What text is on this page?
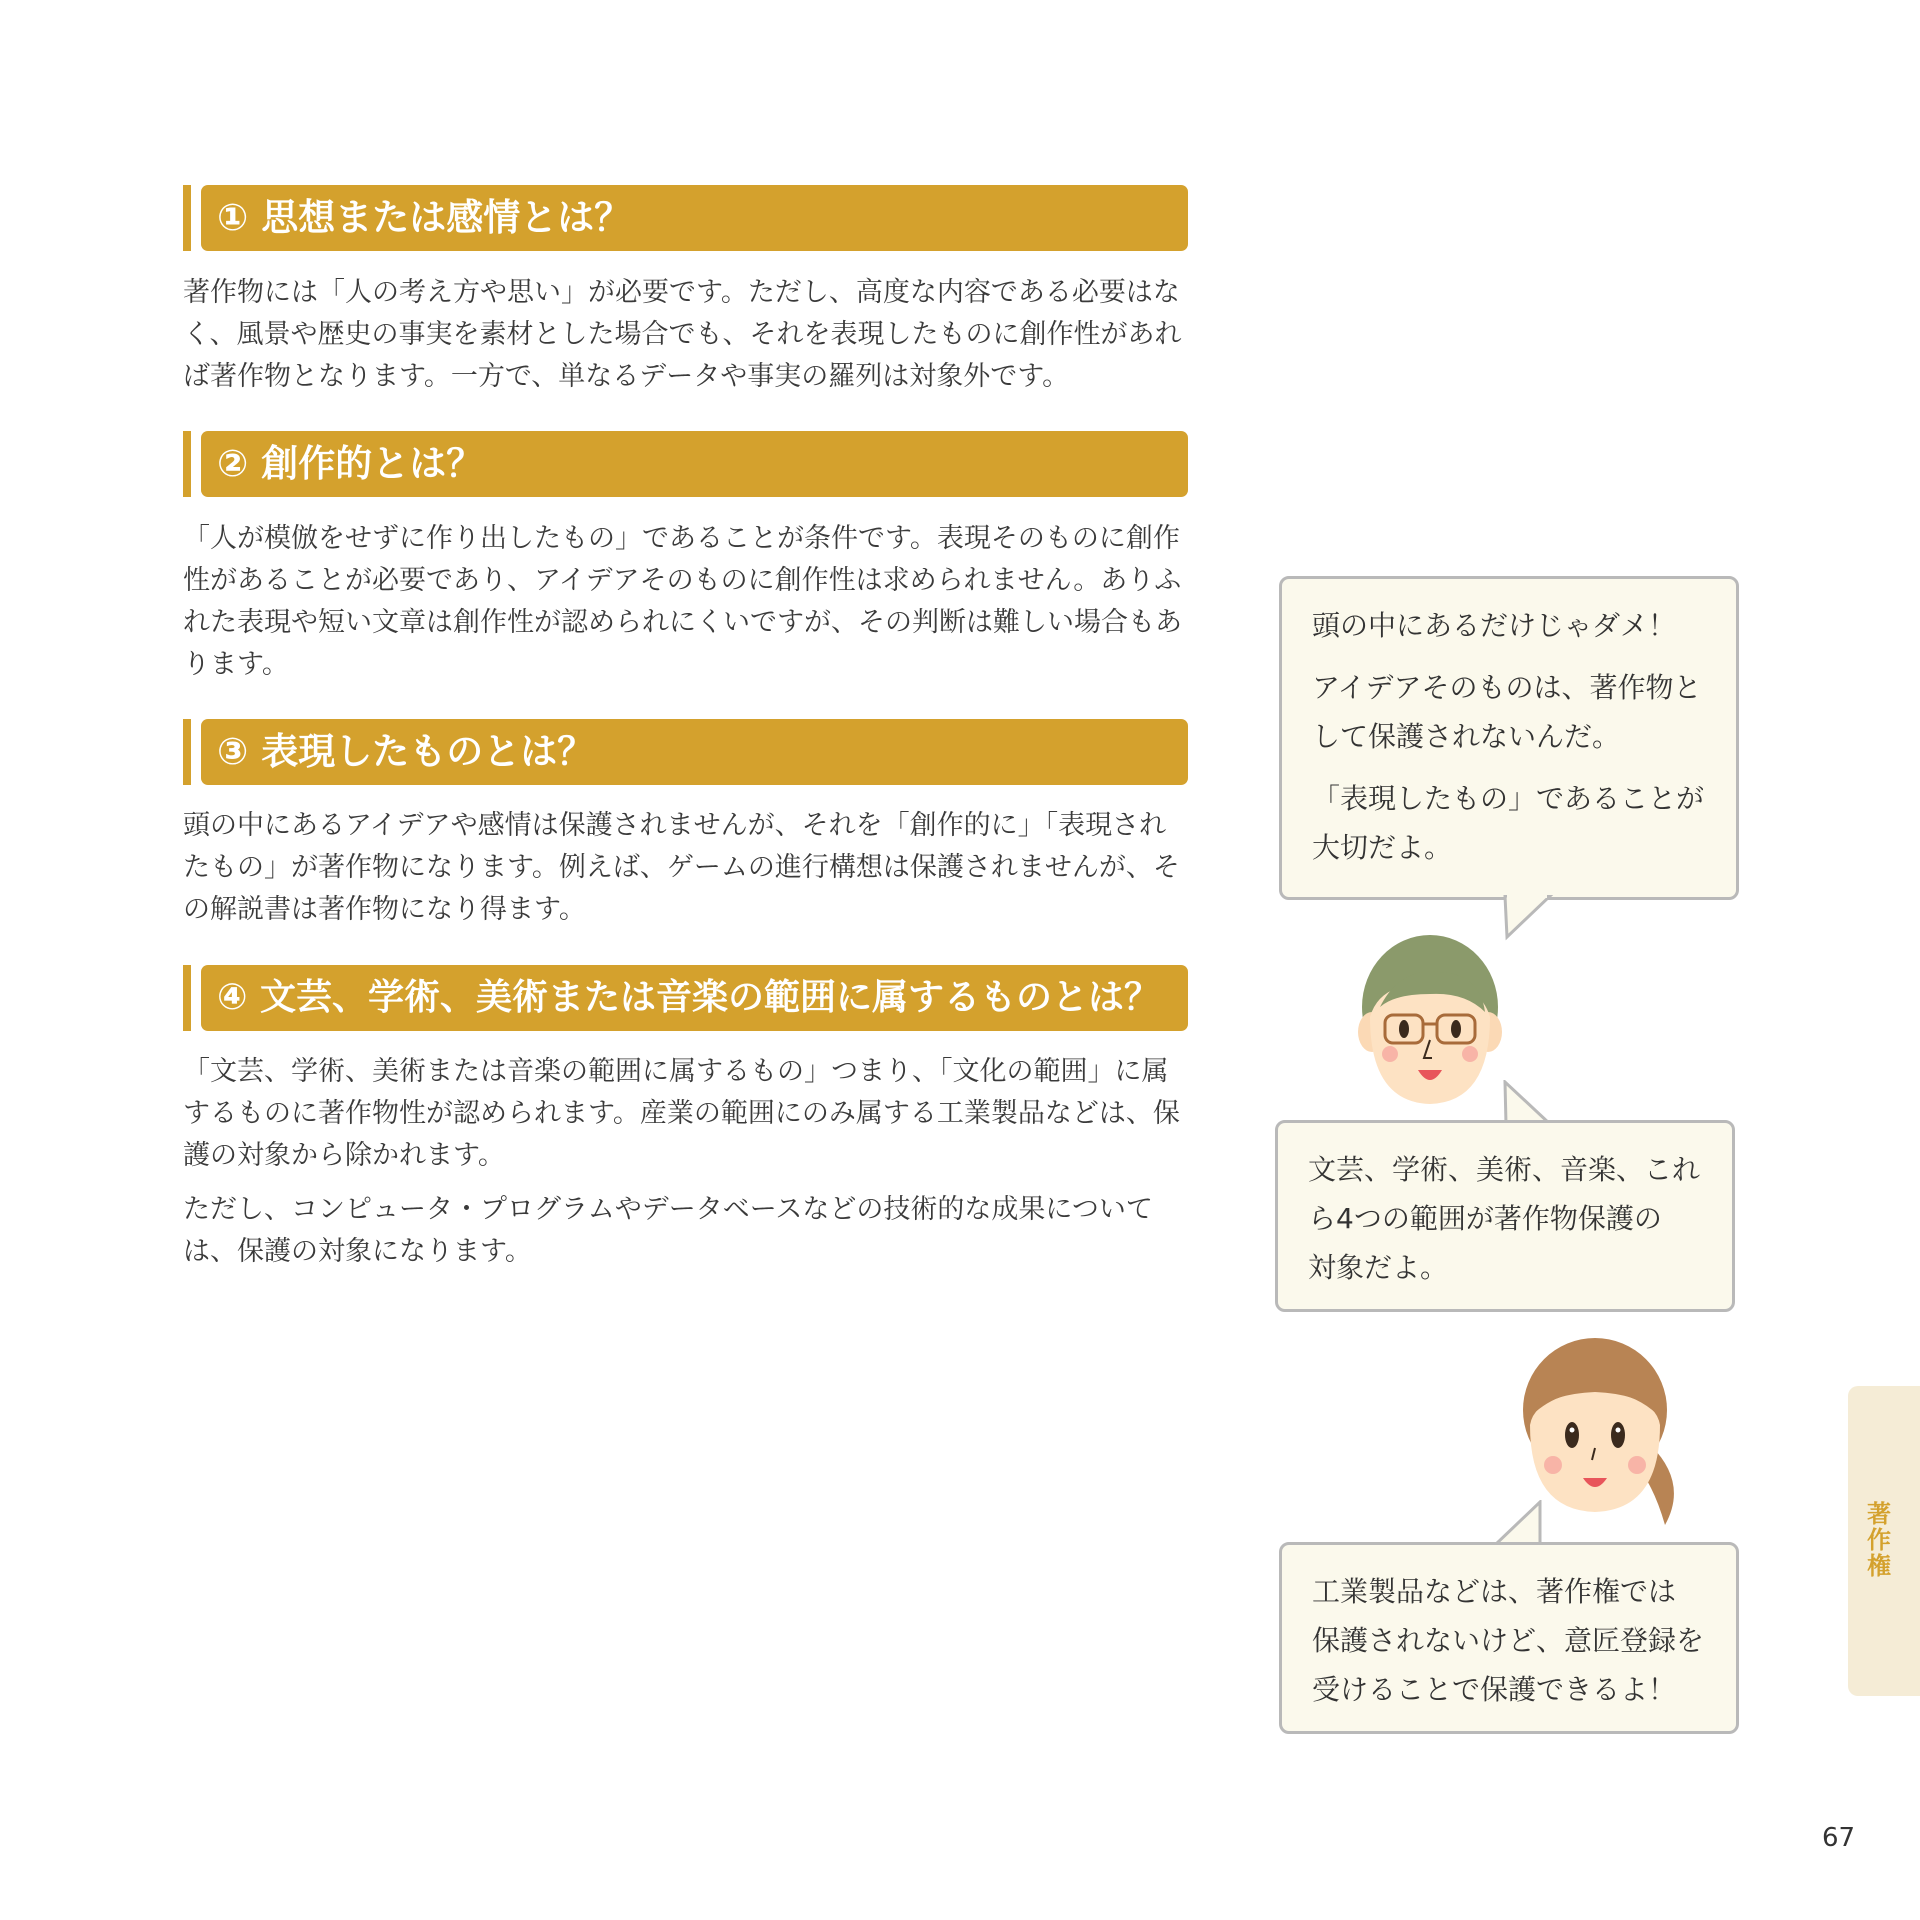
① 思想または感情とは？

著作物には「人の考え方や思い」が必要です。ただし、高度な内容である必要はなく、風景や歴史の事実を素材とした場合でも、それを表現したものに創作性があれば著作物となります。一方で、単なるデータや事実の羅列は対象外です。

② 創作的とは？

「人が模倣をせずに作り出したもの」であることが条件です。表現そのものに創作性があることが必要であり、アイデアそのものに創作性は求められません。ありふれた表現や短い文章は創作性が認められにくいですが、その判断は難しい場合もあります。

③ 表現したものとは？

頭の中にあるアイデアや感情は保護されませんが、それを「創作的に」「表現されたもの」が著作物になります。例えば、ゲームの進行構想は保護されませんが、その解説書は著作物になり得ます。

④ 文芸、学術、美術または音楽の範囲に属するものとは？

「文芸、学術、美術または音楽の範囲に属するもの」つまり、「文化の範囲」に属するものに著作物性が認められます。産業の範囲にのみ属する工業製品などは、保護の対象から除かれます。

ただし、コンピュータ・プログラムやデータベースなどの技術的な成果については、保護の対象になります。

頭の中にあるだけじゃダメ！
アイデアそのものは、著作物と
して保護されないんだ。
「表現したもの」であることが
大切だよ。
文芸、学術、美術、音楽、これ
ら4つの範囲が著作物保護の
対象だよ。
工業製品などは、著作権では
保護されないけど、意匠登録を
受けることで保護できるよ！
著作権
67
